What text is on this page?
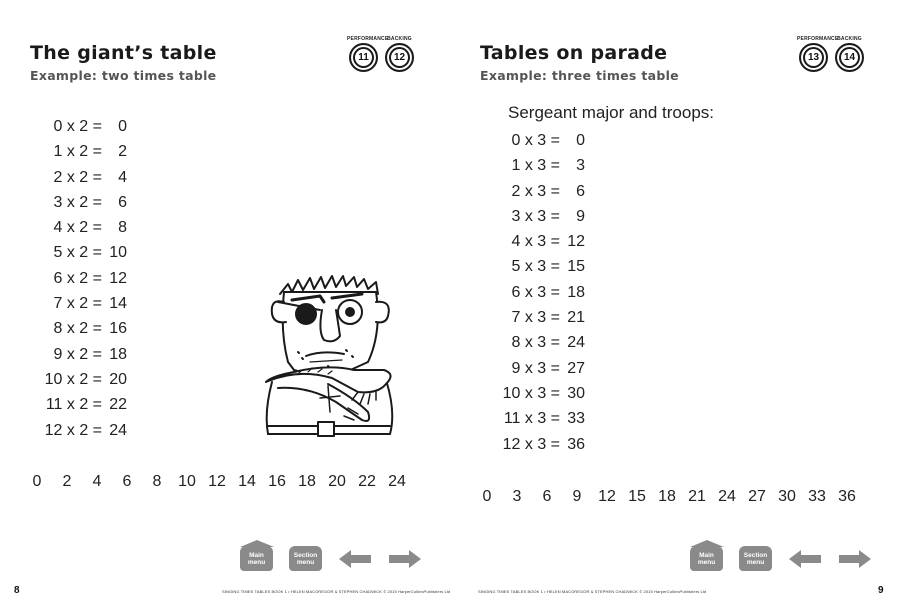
The giant’s table
Example: two times table
PERFORMANCE
11
BACKING
12
0 x 2 =	0
1 x 2 =	2
2 x 2 =	4
3 x 2 =	6
4 x 2 =	8
5 x 2 = 10
6 x 2 = 12
7 x 2 = 14
8 x 2 = 16
9 x 2 = 18
10 x 2 = 20
11 x 2 = 22
12 x 2 = 24
0	2	4	6	8	10 12 14 16 18 20 22 24
Main
menu
Section
menu
8	SINGING TIMES TABLES BOOK 1 • HELEN MACGREGOR & STEPHEN CHADWICK © 2015 HarperCollinsPublishers Ltd
Tables on parade
Example: three times table
PERFORMANCE
13
BACKING
14
0 x 3 =	0
1 x 3 =	3
2 x 3 =	6
3 x 3 =	9
4 x 3 = 12
5 x 3 = 15
6 x 3 = 18
7 x 3 = 21
8 x 3 = 24
9 x 3 = 27
10 x 3 = 30
11 x 3 = 33
12 x 3 = 36
0	3	6	9	12 15 18 21 24 27 30 33 36
Main
menu
Section
menu
9
SINGING TIMES TABLES BOOK 1 • HELEN MACGREGOR & STEPHEN CHADWICK © 2015 HarperCollinsPublishers Ltd
Sergeant major and troops:
